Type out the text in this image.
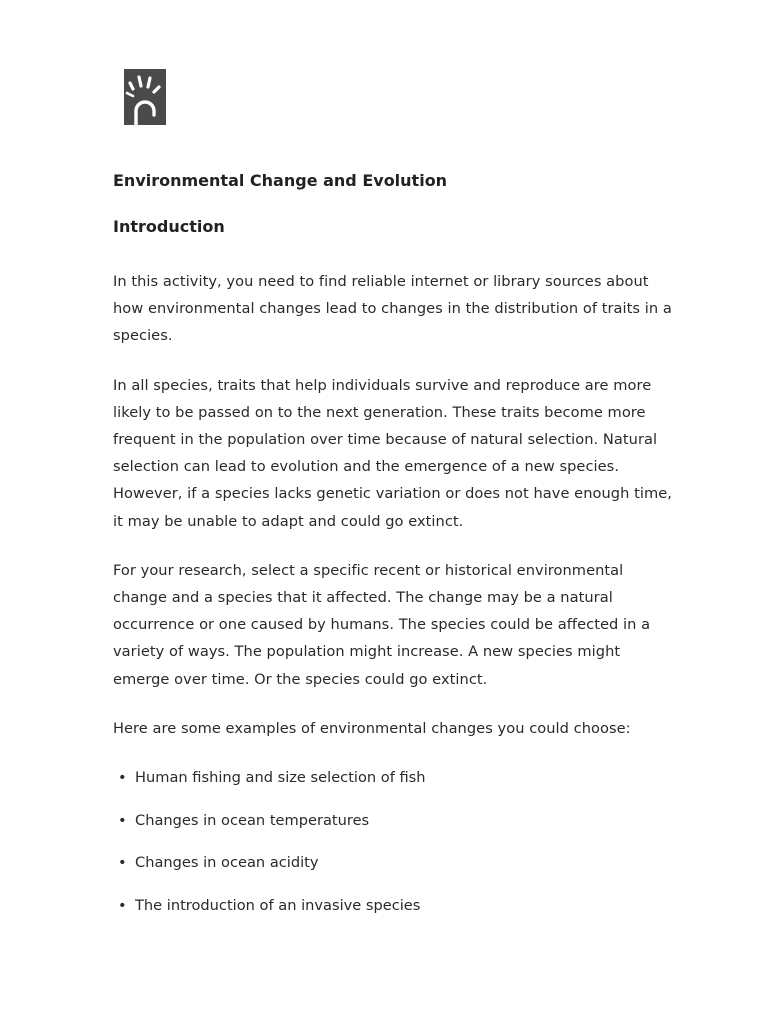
Environmental Change and Evolution
Introduction

In this activity, you need to find reliable internet or library sources about how environmental changes lead to changes in the distribution of traits in a species.

In all species, traits that help individuals survive and reproduce are more likely to be passed on to the next generation. These traits become more frequent in the population over time because of natural selection. Natural selection can lead to evolution and the emergence of a new species. However, if a species lacks genetic variation or does not have enough time, it may be unable to adapt and could go extinct.

For your research, select a specific recent or historical environmental change and a species that it affected. The change may be a natural occurrence or one caused by humans. The species could be affected in a variety of ways. The population might increase. A new species might emerge over time. Or the species could go extinct.

Here are some examples of environmental changes you could choose:

• Human fishing and size selection of fish
• Changes in ocean temperatures
• Changes in ocean acidity
• The introduction of an invasive species
